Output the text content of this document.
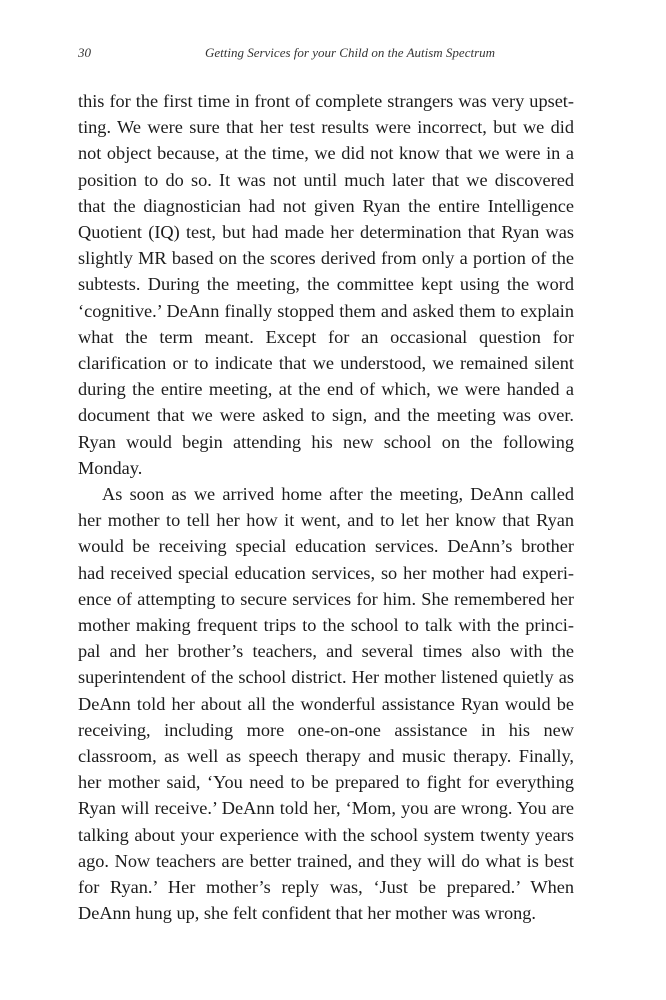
30	Getting Services for your Child on the Autism Spectrum

this for the first time in front of complete strangers was very upsetting. We were sure that her test results were incorrect, but we did not object because, at the time, we did not know that we were in a position to do so. It was not until much later that we discovered that the diagnostician had not given Ryan the entire Intelligence Quotient (IQ) test, but had made her determination that Ryan was slightly MR based on the scores derived from only a portion of the subtests. During the meeting, the committee kept using the word ‘cognitive.’ DeAnn finally stopped them and asked them to explain what the term meant. Except for an occasional question for clarification or to indicate that we understood, we remained silent during the entire meeting, at the end of which, we were handed a document that we were asked to sign, and the meeting was over. Ryan would begin attending his new school on the following Monday.

As soon as we arrived home after the meeting, DeAnn called her mother to tell her how it went, and to let her know that Ryan would be receiving special education services. DeAnn’s brother had received special education services, so her mother had experience of attempting to secure services for him. She remembered her mother making frequent trips to the school to talk with the principal and her brother’s teachers, and several times also with the superintendent of the school district. Her mother listened quietly as DeAnn told her about all the wonderful assistance Ryan would be receiving, including more one-on-one assistance in his new classroom, as well as speech therapy and music therapy. Finally, her mother said, ‘You need to be prepared to fight for everything Ryan will receive.’ DeAnn told her, ‘Mom, you are wrong. You are talking about your experience with the school system twenty years ago. Now teachers are better trained, and they will do what is best for Ryan.’ Her mother’s reply was, ‘Just be prepared.’ When DeAnn hung up, she felt confident that her mother was wrong.
